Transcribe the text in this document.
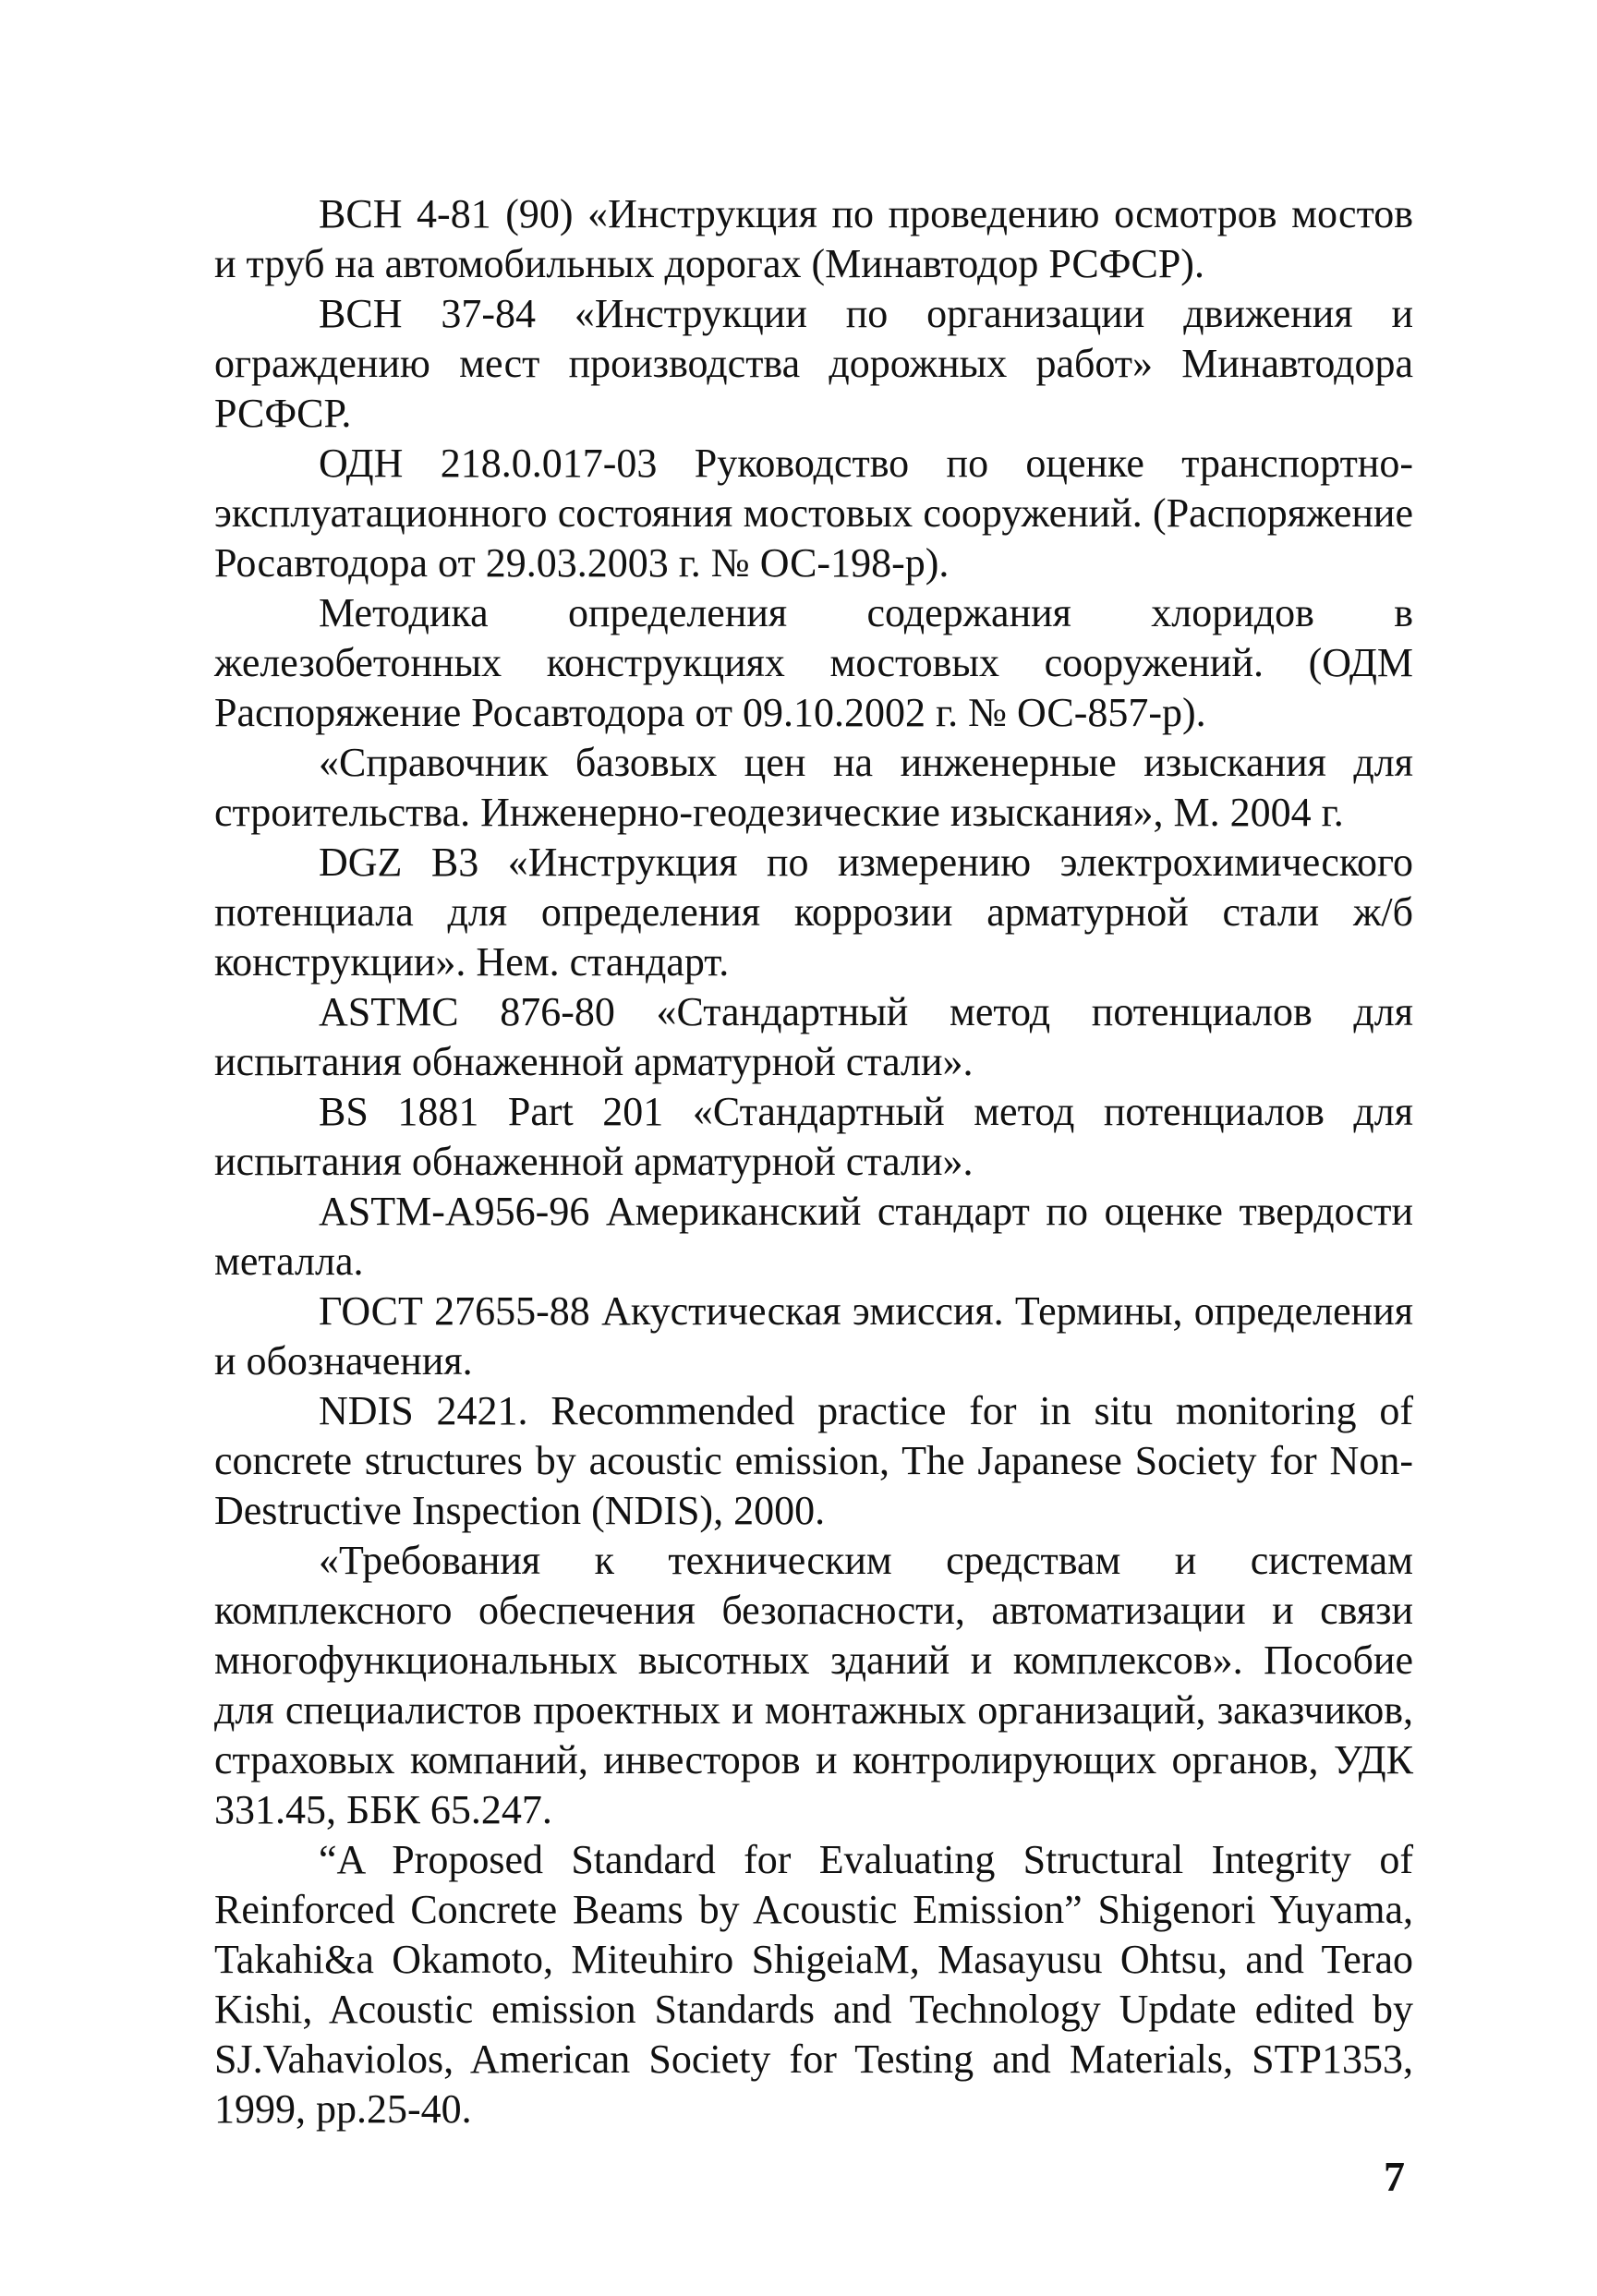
ВСН 4-81 (90) «Инструкция по проведению осмотров мостов и труб на автомобильных дорогах (Минавтодор РСФСР).

ВСН 37-84 «Инструкции по организации движения и ограждению мест производства дорожных работ» Минавтодора РСФСР.

ОДН 218.0.017-03 Руководство по оценке транспортно-эксплуатационного состояния мостовых сооружений. (Распоряжение Росавтодора от 29.03.2003 г. № ОС-198-р).

Методика определения содержания хлоридов в железобетонных конструкциях мостовых сооружений. (ОДМ Распоряжение Росавтодора от 09.10.2002 г. № ОС-857-р).

«Справочник базовых цен на инженерные изыскания для строительства. Инженерно-геодезические изыскания», М. 2004 г.

DGZ B3 «Инструкция по измерению электрохимического потенциала для определения коррозии арматурной стали ж/б конструкции». Нем. стандарт.

ASTMC 876-80 «Стандартный метод потенциалов для испытания обнаженной арматурной стали».

BS 1881 Part 201 «Стандартный метод потенциалов для испытания обнаженной арматурной стали».

ASTM-A956-96 Американский стандарт по оценке твердости металла.

ГОСТ 27655-88 Акустическая эмиссия. Термины, определения и обозначения.

NDIS 2421. Recommended practice for in situ monitoring of concrete structures by acoustic emission, The Japanese Society for Non-Destructive Inspection (NDIS), 2000.

«Требования к техническим средствам и системам комплексного обеспечения безопасности, автоматизации и связи многофункциональных высотных зданий и комплексов». Пособие для специалистов проектных и монтажных организаций, заказчиков, страховых компаний, инвесторов и контролирующих органов, УДК 331.45, ББК 65.247.

“A Proposed Standard for Evaluating Structural Integrity of Reinforced Concrete Beams by Acoustic Emission” Shigenori Yuyama, Takahi&a Okamoto, Miteuhiro ShigeiaM, Masayusu Ohtsu, and Terao Kishi, Acoustic emission Standards and Technology Update edited by SJ.Vahaviolos, American Society for Testing and Materials, STP1353, 1999, pp.25-40.

7
